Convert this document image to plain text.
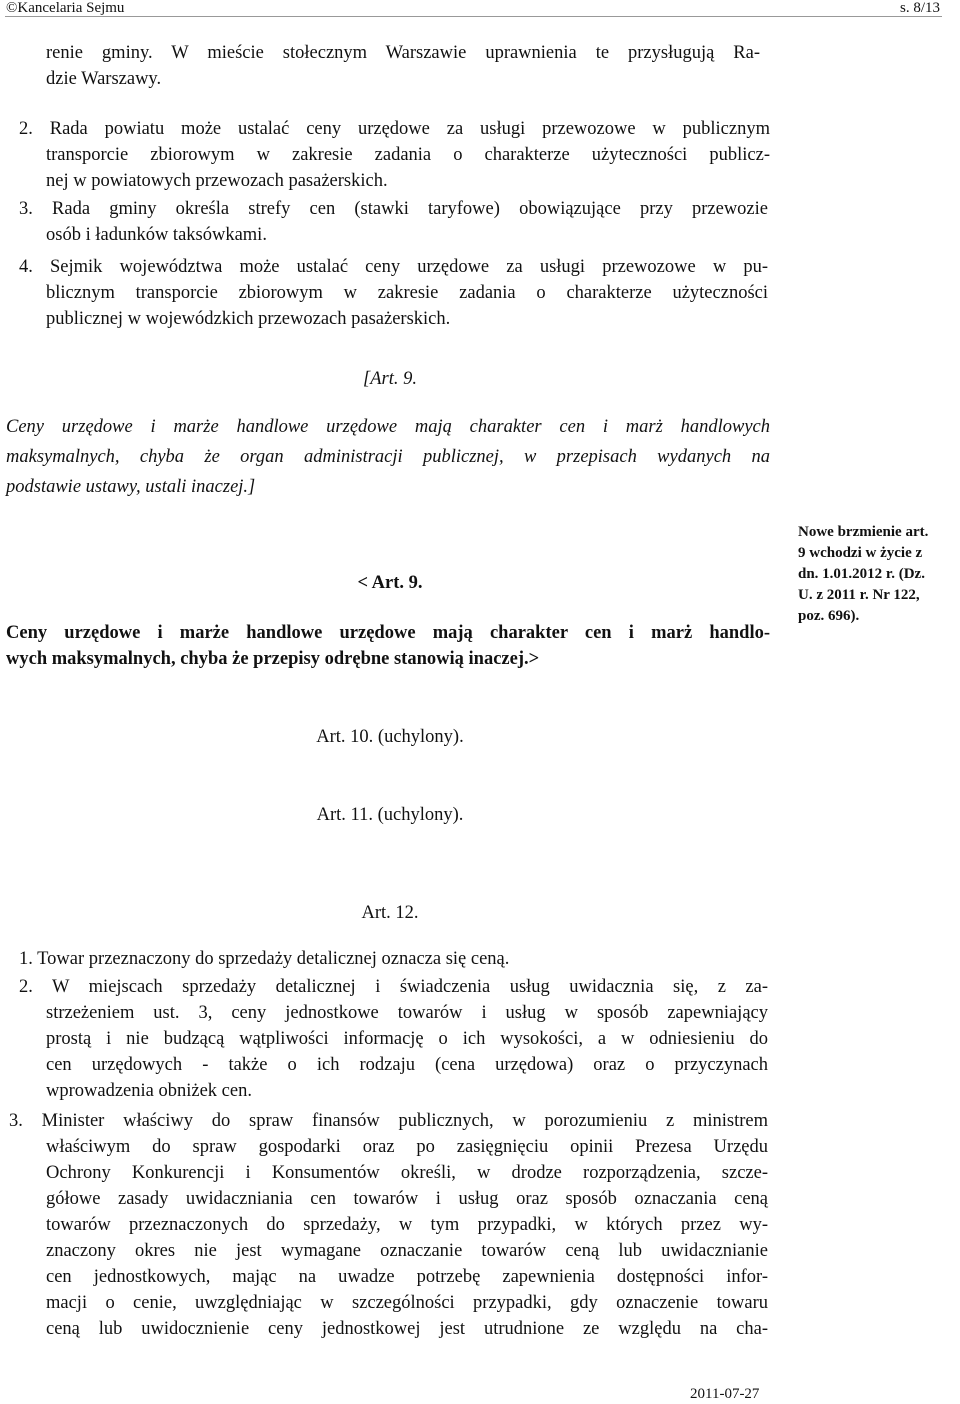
©Kancelaria Sejmu	s. 8/13
renie gminy. W mieście stołecznym Warszawie uprawnienia te przysługują Ra-
dzie Warszawy.
2. Rada powiatu może ustalać ceny urzędowe za usługi przewozowe w publicznym
transporcie zbiorowym w zakresie zadania o charakterze użyteczności publicz-
nej w powiatowych przewozach pasażerskich.
3. Rada gminy określa strefy cen (stawki taryfowe) obowiązujące przy przewozie
osób i ładunków taksówkami.
4. Sejmik województwa może ustalać ceny urzędowe za usługi przewozowe w pu-
blicznym transporcie zbiorowym w zakresie zadania o charakterze użyteczności
publicznej w wojewódzkich przewozach pasażerskich.
[Art. 9.
Ceny urzędowe i marże handlowe urzędowe mają charakter cen i marż handlowych
maksymalnych, chyba że organ administracji publicznej, w przepisach wydanych na
podstawie ustawy, ustali inaczej.]
< Art. 9.
Ceny urzędowe i marże handlowe urzędowe mają charakter cen i marż handlo-
wych maksymalnych, chyba że przepisy odrębne stanowią inaczej.>
Nowe brzmienie art.
9 wchodzi w życie z
dn. 1.01.2012 r. (Dz.
U. z 2011 r. Nr 122,
poz. 696).
Art. 10. (uchylony).
Art. 11. (uchylony).
Art. 12.
1. Towar przeznaczony do sprzedaży detalicznej oznacza się ceną.
2. W miejscach sprzedaży detalicznej i świadczenia usług uwidacznia się, z za-
strzeżeniem ust. 3, ceny jednostkowe towarów i usług w sposób zapewniający
prostą i nie budzącą wątpliwości informację o ich wysokości, a w odniesieniu do
cen urzędowych - także o ich rodzaju (cena urzędowa) oraz o przyczynach
wprowadzenia obniżek cen.
3. Minister właściwy do spraw finansów publicznych, w porozumieniu z ministrem
właściwym do spraw gospodarki oraz po zasięgnięciu opinii Prezesa Urzędu
Ochrony Konkurencji i Konsumentów określi, w drodze rozporządzenia, szcze-
gółowe zasady uwidaczniania cen towarów i usług oraz sposób oznaczania ceną
towarów przeznaczonych do sprzedaży, w tym przypadki, w których przez wy-
znaczony okres nie jest wymagane oznaczanie towarów ceną lub uwidacznianie
cen jednostkowych, mając na uwadze potrzebę zapewnienia dostępności infor-
macji o cenie, uwzględniając w szczególności przypadki, gdy oznaczenie towaru
ceną lub uwidocznienie ceny jednostkowej jest utrudnione ze względu na cha-
2011-07-27
